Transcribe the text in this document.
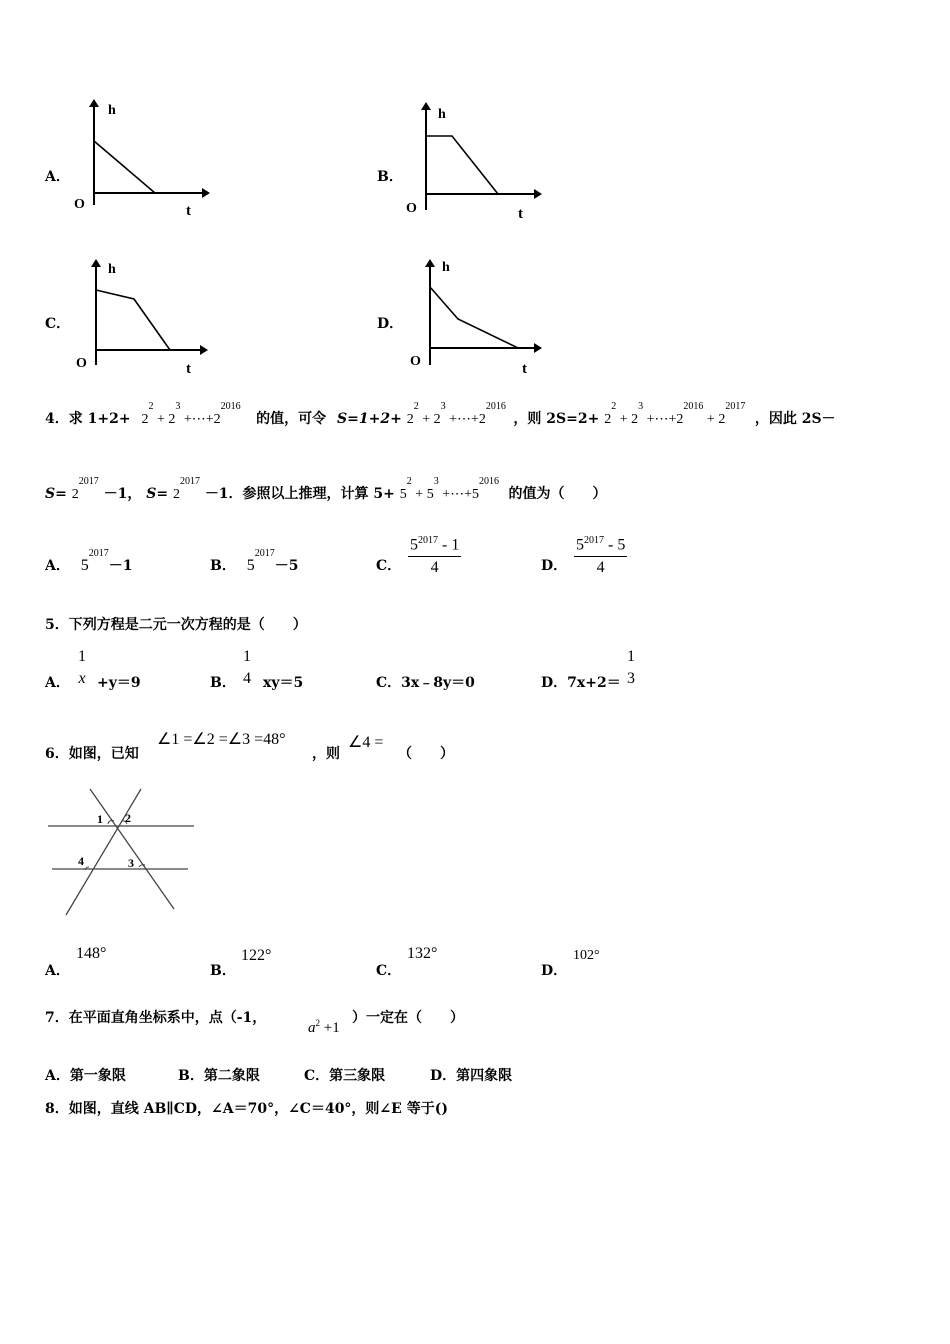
A．
h
O	t
B．
h
O	t
C．
h
O	t
D．
h
O	t
4．求 $1+2+ 2^2 + 2^3$ $+\cdots+2^{2016}$ 的值，可令 $S=1+2+ 2^2 + 2^3$ $+\cdots+2^{2016}$ ，则 $2S=2+ 2^2 + 2^3$ $+\cdots+2^{2016} + 2^{2017}$ ，因此 2S－
$S= 2^{2017} -1$， $S= 2^{2017} -1$．参照以上推理，计算 $5+ 5^2 + 5^3$ $+\cdots+5^{2016}$ 的值为（　　）
A． $5^{2017}-1$	B． $5^{2017}-5$	C． $\frac{5^{2017} - 1}{4}$	D． $\frac{5^{2017} - 5}{4}$
5．下列方程是二元一次方程的是（　　）
A．
1
x +y＝9	B．
1
4 xy＝5	C．3x﹣8y＝0	D．7x+2＝
1
3
6．如图，已知
∠1 =∠2 =∠3 =48°
，则
∠4 =
（　　）
1 2
3
4
A．
148°
B．
122°
C．
132°
D．
102°
7．在平面直角坐标系中，点（-1，
$a^2 +1$
）一定在（　　）
A．第一象限	B．第二象限	C．第三象限	D．第四象限
8．如图，直线 AB∥CD，∠A＝70°，∠C＝40°，则∠E 等于()
